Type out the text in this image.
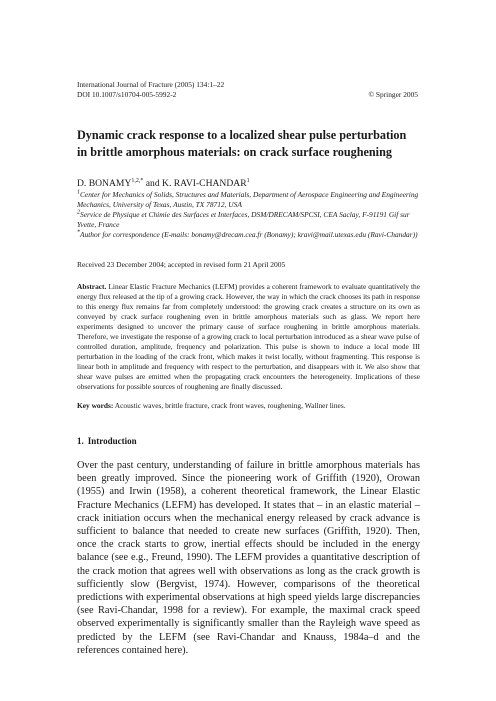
International Journal of Fracture (2005) 134:1–22
DOI 10.1007/s10704-005-5992-2	© Springer 2005
Dynamic crack response to a localized shear pulse perturbation
in brittle amorphous materials: on crack surface roughening
D. $BONAMY^{1,2,*}$ and K. RAVI-CHANDAR$^1$
$^1$Center for Mechanics of Solids, Structures and Materials, Department of Aerospace Engineering and Engineering Mechanics, University of Texas, Austin, TX 78712, USA
$^2$Service de Physique et Chimie des Surfaces et Interfaces, DSM/DRECAM/SPCSI, CEA Saclay, F-91191 Gif sur Yvette, France
*Author for correspondence (E-mails: bonamy@drecam.cea.fr (Bonamy); kravi@mail.utexas.edu (Ravi-Chandar))
Received 23 December 2004; accepted in revised form 21 April 2005
Abstract. Linear Elastic Fracture Mechanics (LEFM) provides a coherent framework to evaluate quantitatively the energy flux released at the tip of a growing crack. However, the way in which the crack chooses its path in response to this energy flux remains far from completely understood: the growing crack creates a structure on its own as conveyed by crack surface roughening even in brittle amorphous materials such as glass. We report here experiments designed to uncover the primary cause of surface roughening in brittle amorphous materials. Therefore, we investigate the response of a growing crack to local perturbation introduced as a shear wave pulse of controlled duration, amplitude, frequency and polarization. This pulse is shown to induce a local mode III perturbation in the loading of the crack front, which makes it twist locally, without fragmenting. This response is linear both in amplitude and frequency with respect to the perturbation, and disappears with it. We also show that shear wave pulses are emitted when the propagating crack encounters the heterogeneity. Implications of these observations for possible sources of roughening are finally discussed.
Key words: Acoustic waves, brittle fracture, crack front waves, roughening, Wallner lines.
1. Introduction
Over the past century, understanding of failure in brittle amorphous materials has been greatly improved. Since the pioneering work of Griffith (1920), Orowan (1955) and Irwin (1958), a coherent theoretical framework, the Linear Elastic Fracture Mechanics (LEFM) has developed. It states that – in an elastic material – crack initiation occurs when the mechanical energy released by crack advance is sufficient to balance that needed to create new surfaces (Griffith, 1920). Then, once the crack starts to grow, inertial effects should be included in the energy balance (see e.g., Freund, 1990). The LEFM provides a quantitative description of the crack motion that agrees well with observations as long as the crack growth is sufficiently slow (Bergvist, 1974). However, comparisons of the theoretical predictions with experimental observations at high speed yields large discrepancies (see Ravi-Chandar, 1998 for a review). For example, the maximal crack speed observed experimentally is significantly smaller than the Rayleigh wave speed as predicted by the LEFM (see Ravi-Chandar and Knauss, 1984a–d and the references contained here).
